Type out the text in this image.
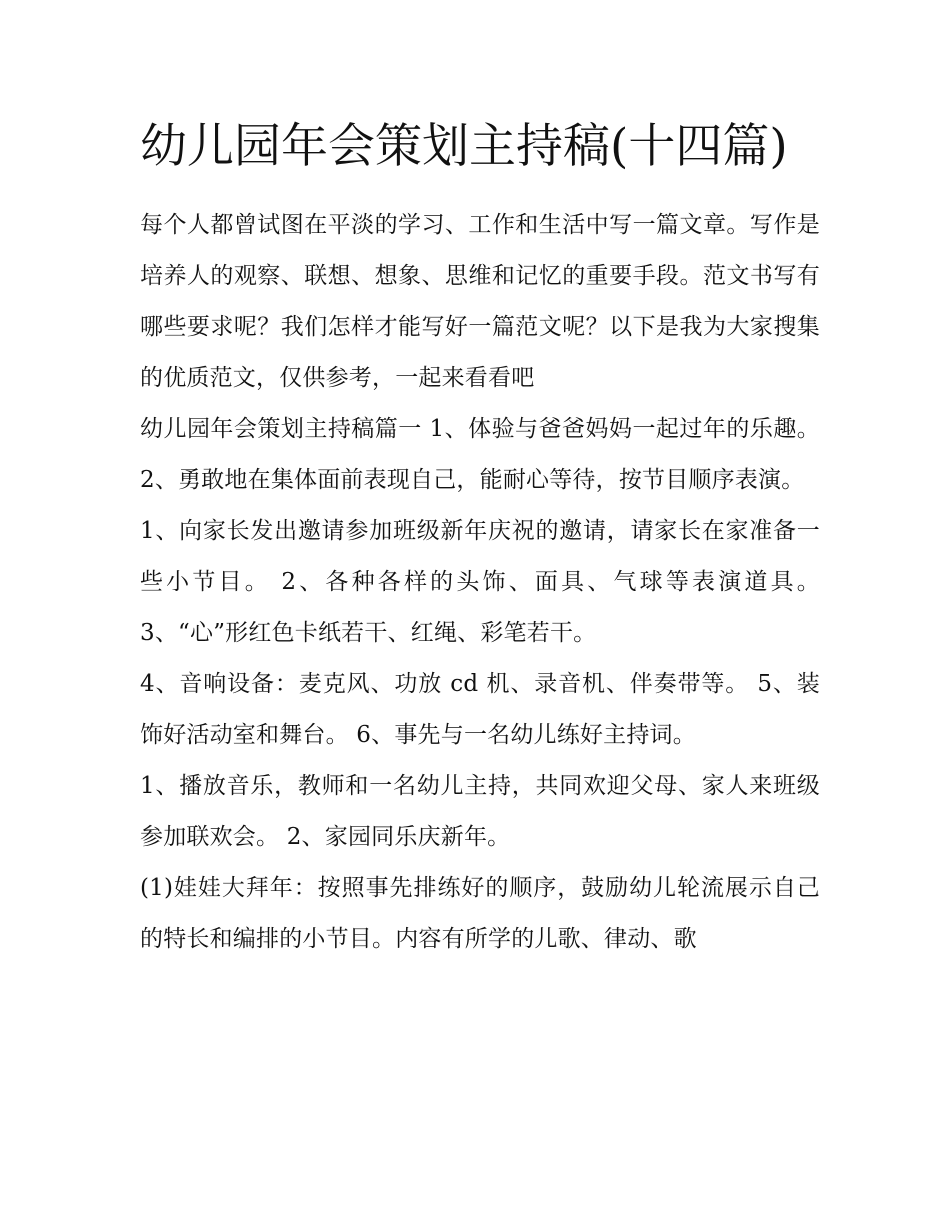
幼儿园年会策划主持稿(十四篇)

每个人都曾试图在平淡的学习、工作和生活中写一篇文章。写作是培养人的观察、联想、想象、思维和记忆的重要手段。范文书写有哪些要求呢？我们怎样才能写好一篇范文呢？以下是我为大家搜集的优质范文，仅供参考，一起来看看吧

幼儿园年会策划主持稿篇一 1、体验与爸爸妈妈一起过年的乐趣。 2、勇敢地在集体面前表现自己，能耐心等待，按节目顺序表演。

1、向家长发出邀请参加班级新年庆祝的邀请，请家长在家准备一些小节目。 2、各种各样的头饰、面具、气球等表演道具。 3、“心”形红色卡纸若干、红绳、彩笔若干。

4、音响设备：麦克风、功放 cd 机、录音机、伴奏带等。 5、装饰好活动室和舞台。 6、事先与一名幼儿练好主持词。

1、播放音乐，教师和一名幼儿主持，共同欢迎父母、家人来班级参加联欢会。 2、家园同乐庆新年。

(1)娃娃大拜年：按照事先排练好的顺序，鼓励幼儿轮流展示自己的特长和编排的小节目。内容有所学的儿歌、律动、歌
